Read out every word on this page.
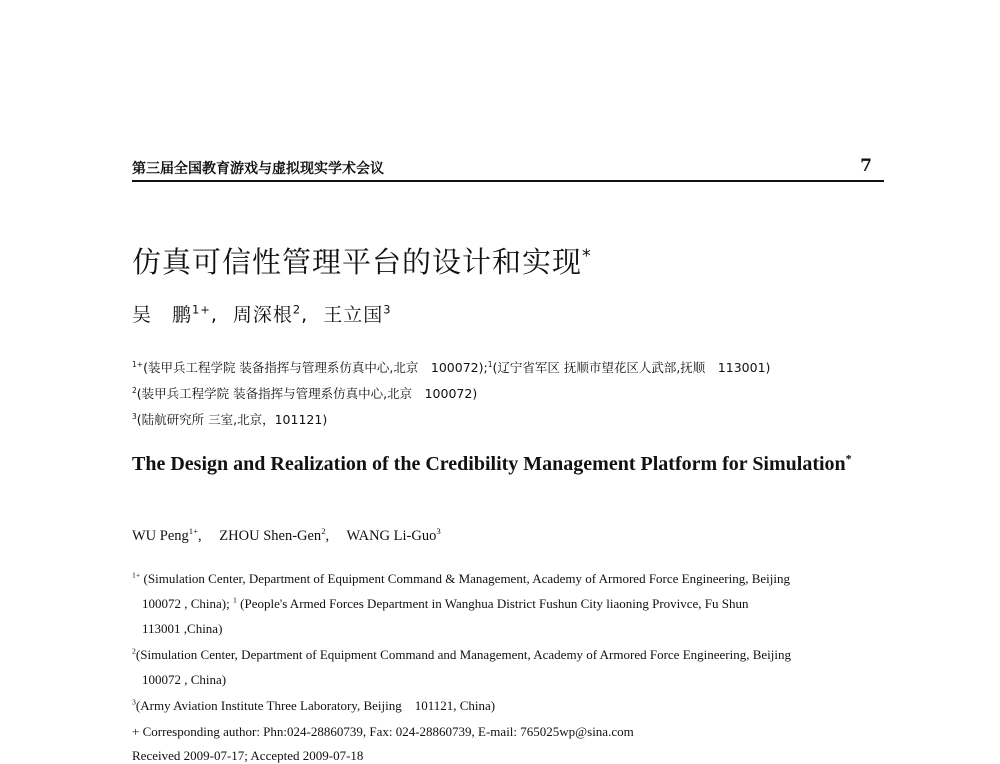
第三届全国教育游戏与虚拟现实学术会议	7
仿真可信性管理平台的设计和实现*
吴　鹏$^{1+}$, 周深根$^2$, 王立国$^3$
$^{1+}$(装甲兵工程学院 装备指挥与管理系仿真中心,北京　100072);$^1$(辽宁省军区 抚顺市望花区人武部,抚顺　113001)
$^2$(装甲兵工程学院 装备指挥与管理系仿真中心,北京　100072)
$^3$(陆航研究所 三室,北京，101121)
The Design and Realization of the Credibility Management Platform for Simulation*
WU Peng$^{1+}$, ZHOU Shen-Gen$^2$, WANG Li-Guo$^3$
$^{1+}$ (Simulation Center, Department of Equipment Command & Management, Academy of Armored Force Engineering, Beijing
100072 , China); $^1$ (People's Armed Forces Department in Wanghua District Fushun City liaoning Provivce, Fu Shun
113001 ,China)
$^2$(Simulation Center, Department of Equipment Command and Management, Academy of Armored Force Engineering, Beijing
100072 , China)
$^3$(Army Aviation Institute Three Laboratory, Beijing　101121, China)
+ Corresponding author: Phn:024-28860739, Fax: 024-28860739, E-mail: 765025wp@sina.com
Received 2009-07-17; Accepted 2009-07-18
